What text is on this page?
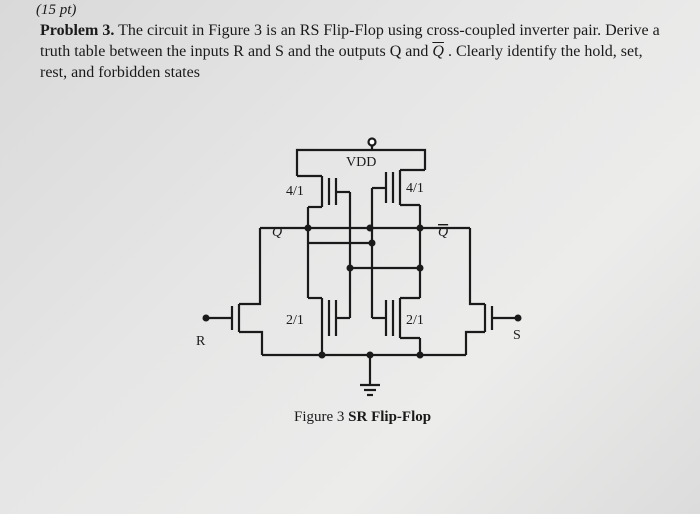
(15 pt)
Problem 3. The circuit in Figure 3 is an RS Flip-Flop using cross-coupled inverter pair. Derive a
truth table between the inputs R and S and the outputs Q and $\overline{Q}$ . Clearly identify the hold, set,
rest, and forbidden states
VDD
4/1	4/1
2/1	2/1
Q	Q
R	S
Figure 3 SR Flip-Flop
